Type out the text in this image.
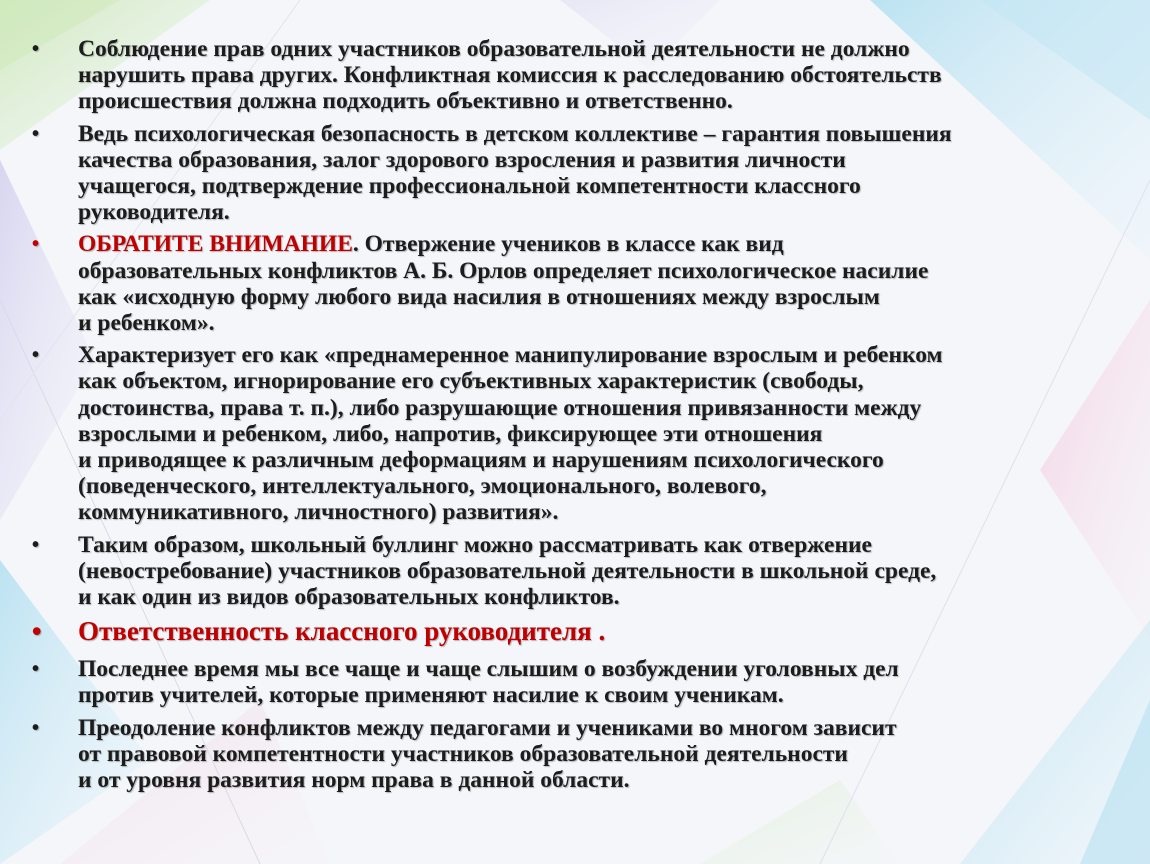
•	Соблюдение прав одних участников образовательной деятельности не должно
нарушить права других. Конфликтная комиссия к расследованию обстоятельств
происшествия должна подходить объективно и ответственно.
•	Ведь психологическая безопасность в детском коллективе – гарантия повышения
качества образования, залог здорового взросления и развития личности
учащегося, подтверждение профессиональной компетентности классного
руководителя.
•	ОБРАТИТЕ ВНИМАНИЕ. Отвержение учеников в классе как вид
образовательных конфликтов А. Б. Орлов определяет психологическое насилие
как «исходную форму любого вида насилия в отношениях между взрослым
и ребенком».
•	Характеризует его как «преднамеренное манипулирование взрослым и ребенком
как объектом, игнорирование его субъективных характеристик (свободы,
достоинства, права т. п.), либо разрушающие отношения привязанности между
взрослыми и ребенком, либо, напротив, фиксирующее эти отношения
и приводящее к различным деформациям и нарушениям психологического
(поведенческого, интеллектуального, эмоционального, волевого,
коммуникативного, личностного) развития».
•	Таким образом, школьный буллинг можно рассматривать как отвержение
(невостребование) участников образовательной деятельности в школьной среде,
и как один из видов образовательных конфликтов.
•	Ответственность классного руководителя .
•	Последнее время мы все чаще и чаще слышим о возбуждении уголовных дел
против учителей, которые применяют насилие к своим ученикам.
•	Преодоление конфликтов между педагогами и учениками во многом зависит
от правовой компетентности участников образовательной деятельности
и от уровня развития норм права в данной области.
